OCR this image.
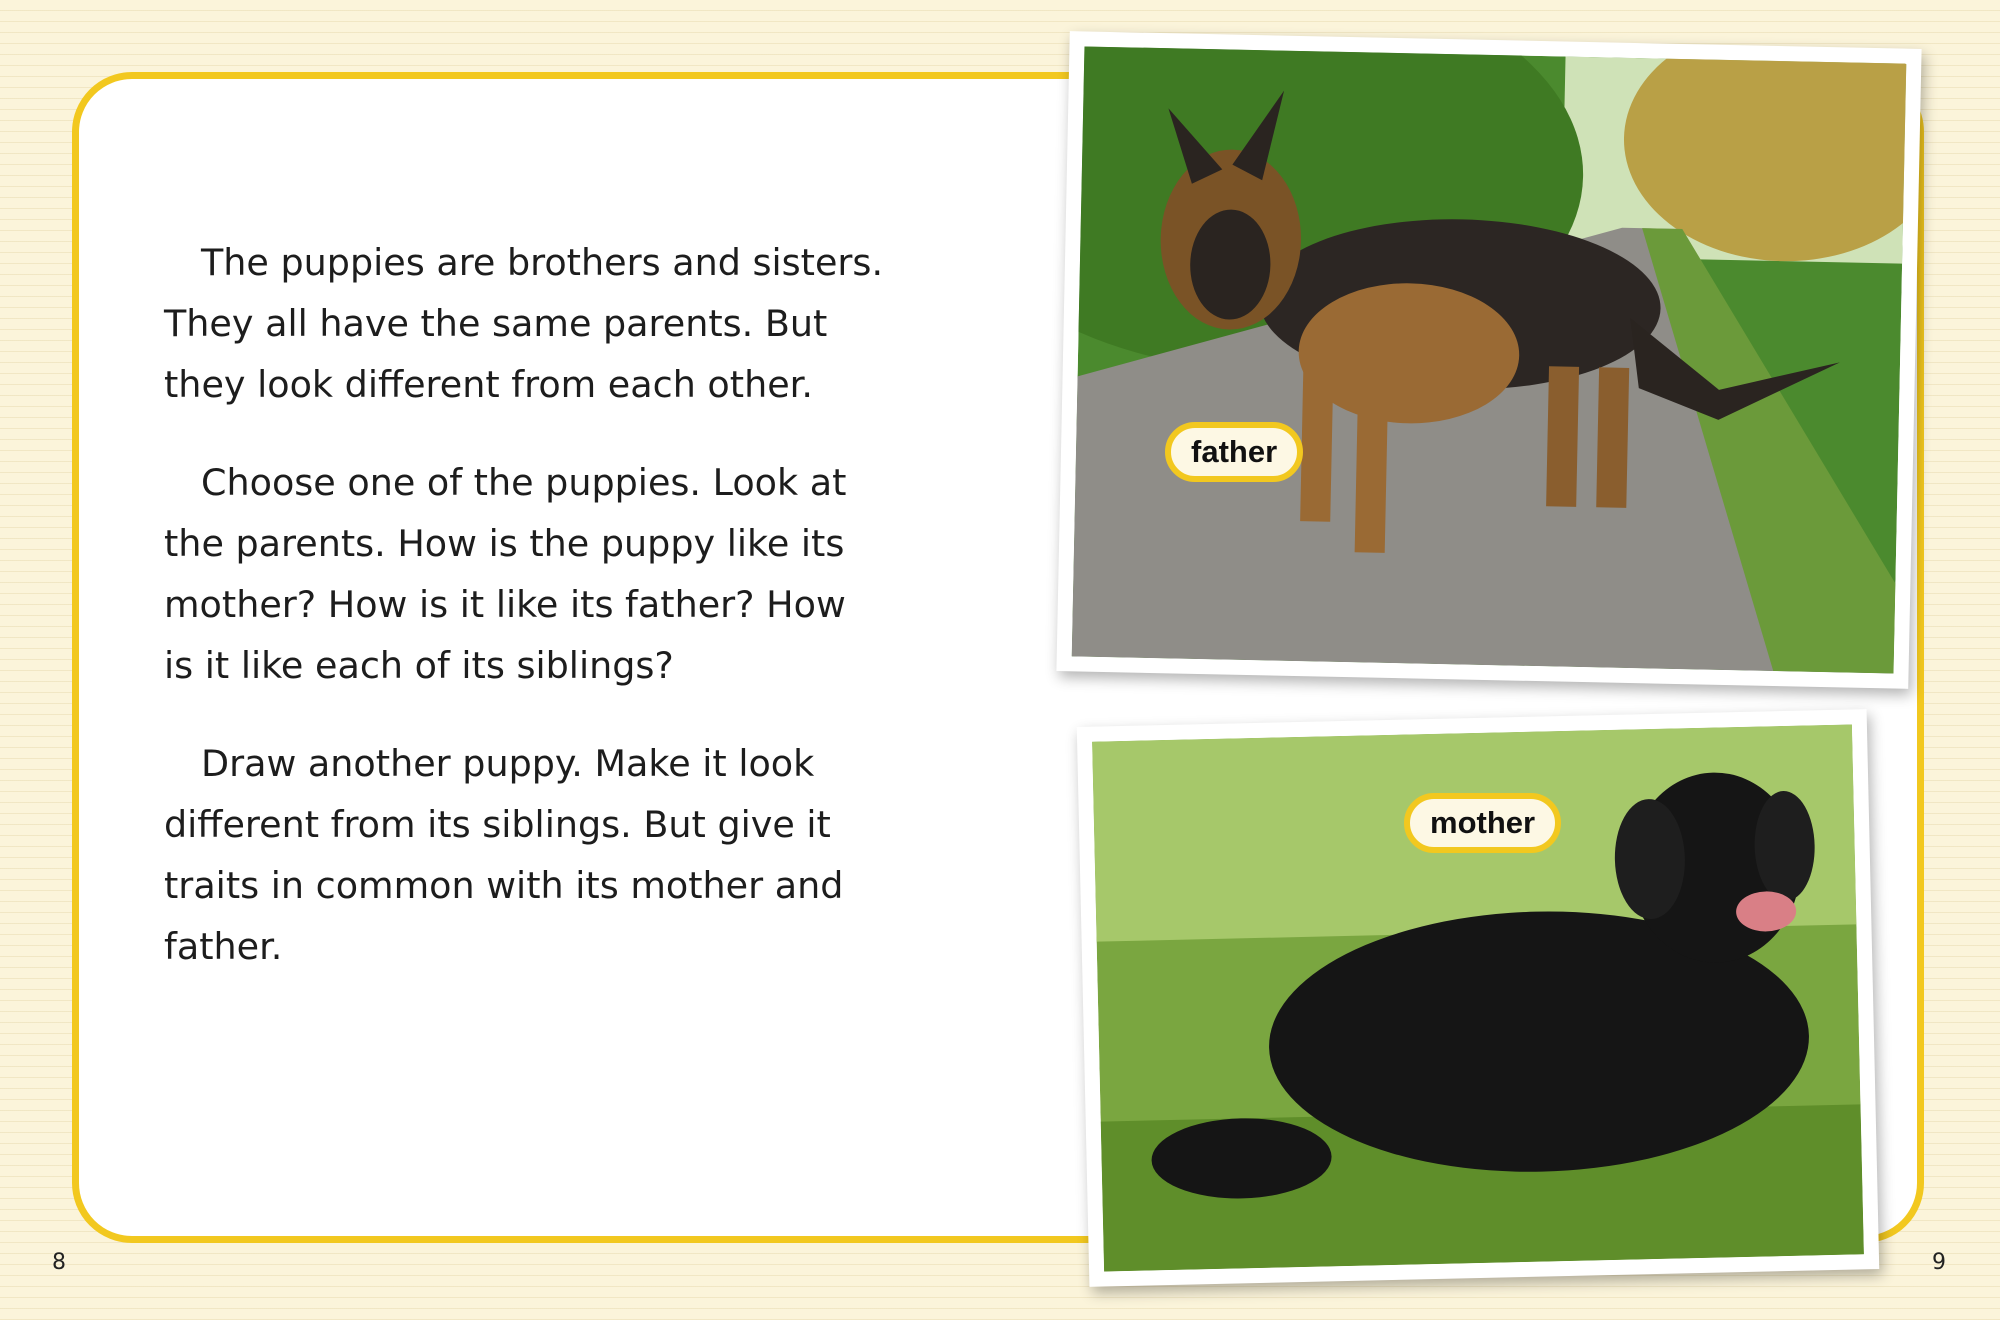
The puppies are brothers and sisters. They all have the same parents. But they look different from each other.

Choose one of the puppies. Look at the parents. How is the puppy like its mother? How is it like its father? How is it like each of its siblings?

Draw another puppy. Make it look different from its siblings. But give it traits in common with its mother and father.

father
mother
8	9
